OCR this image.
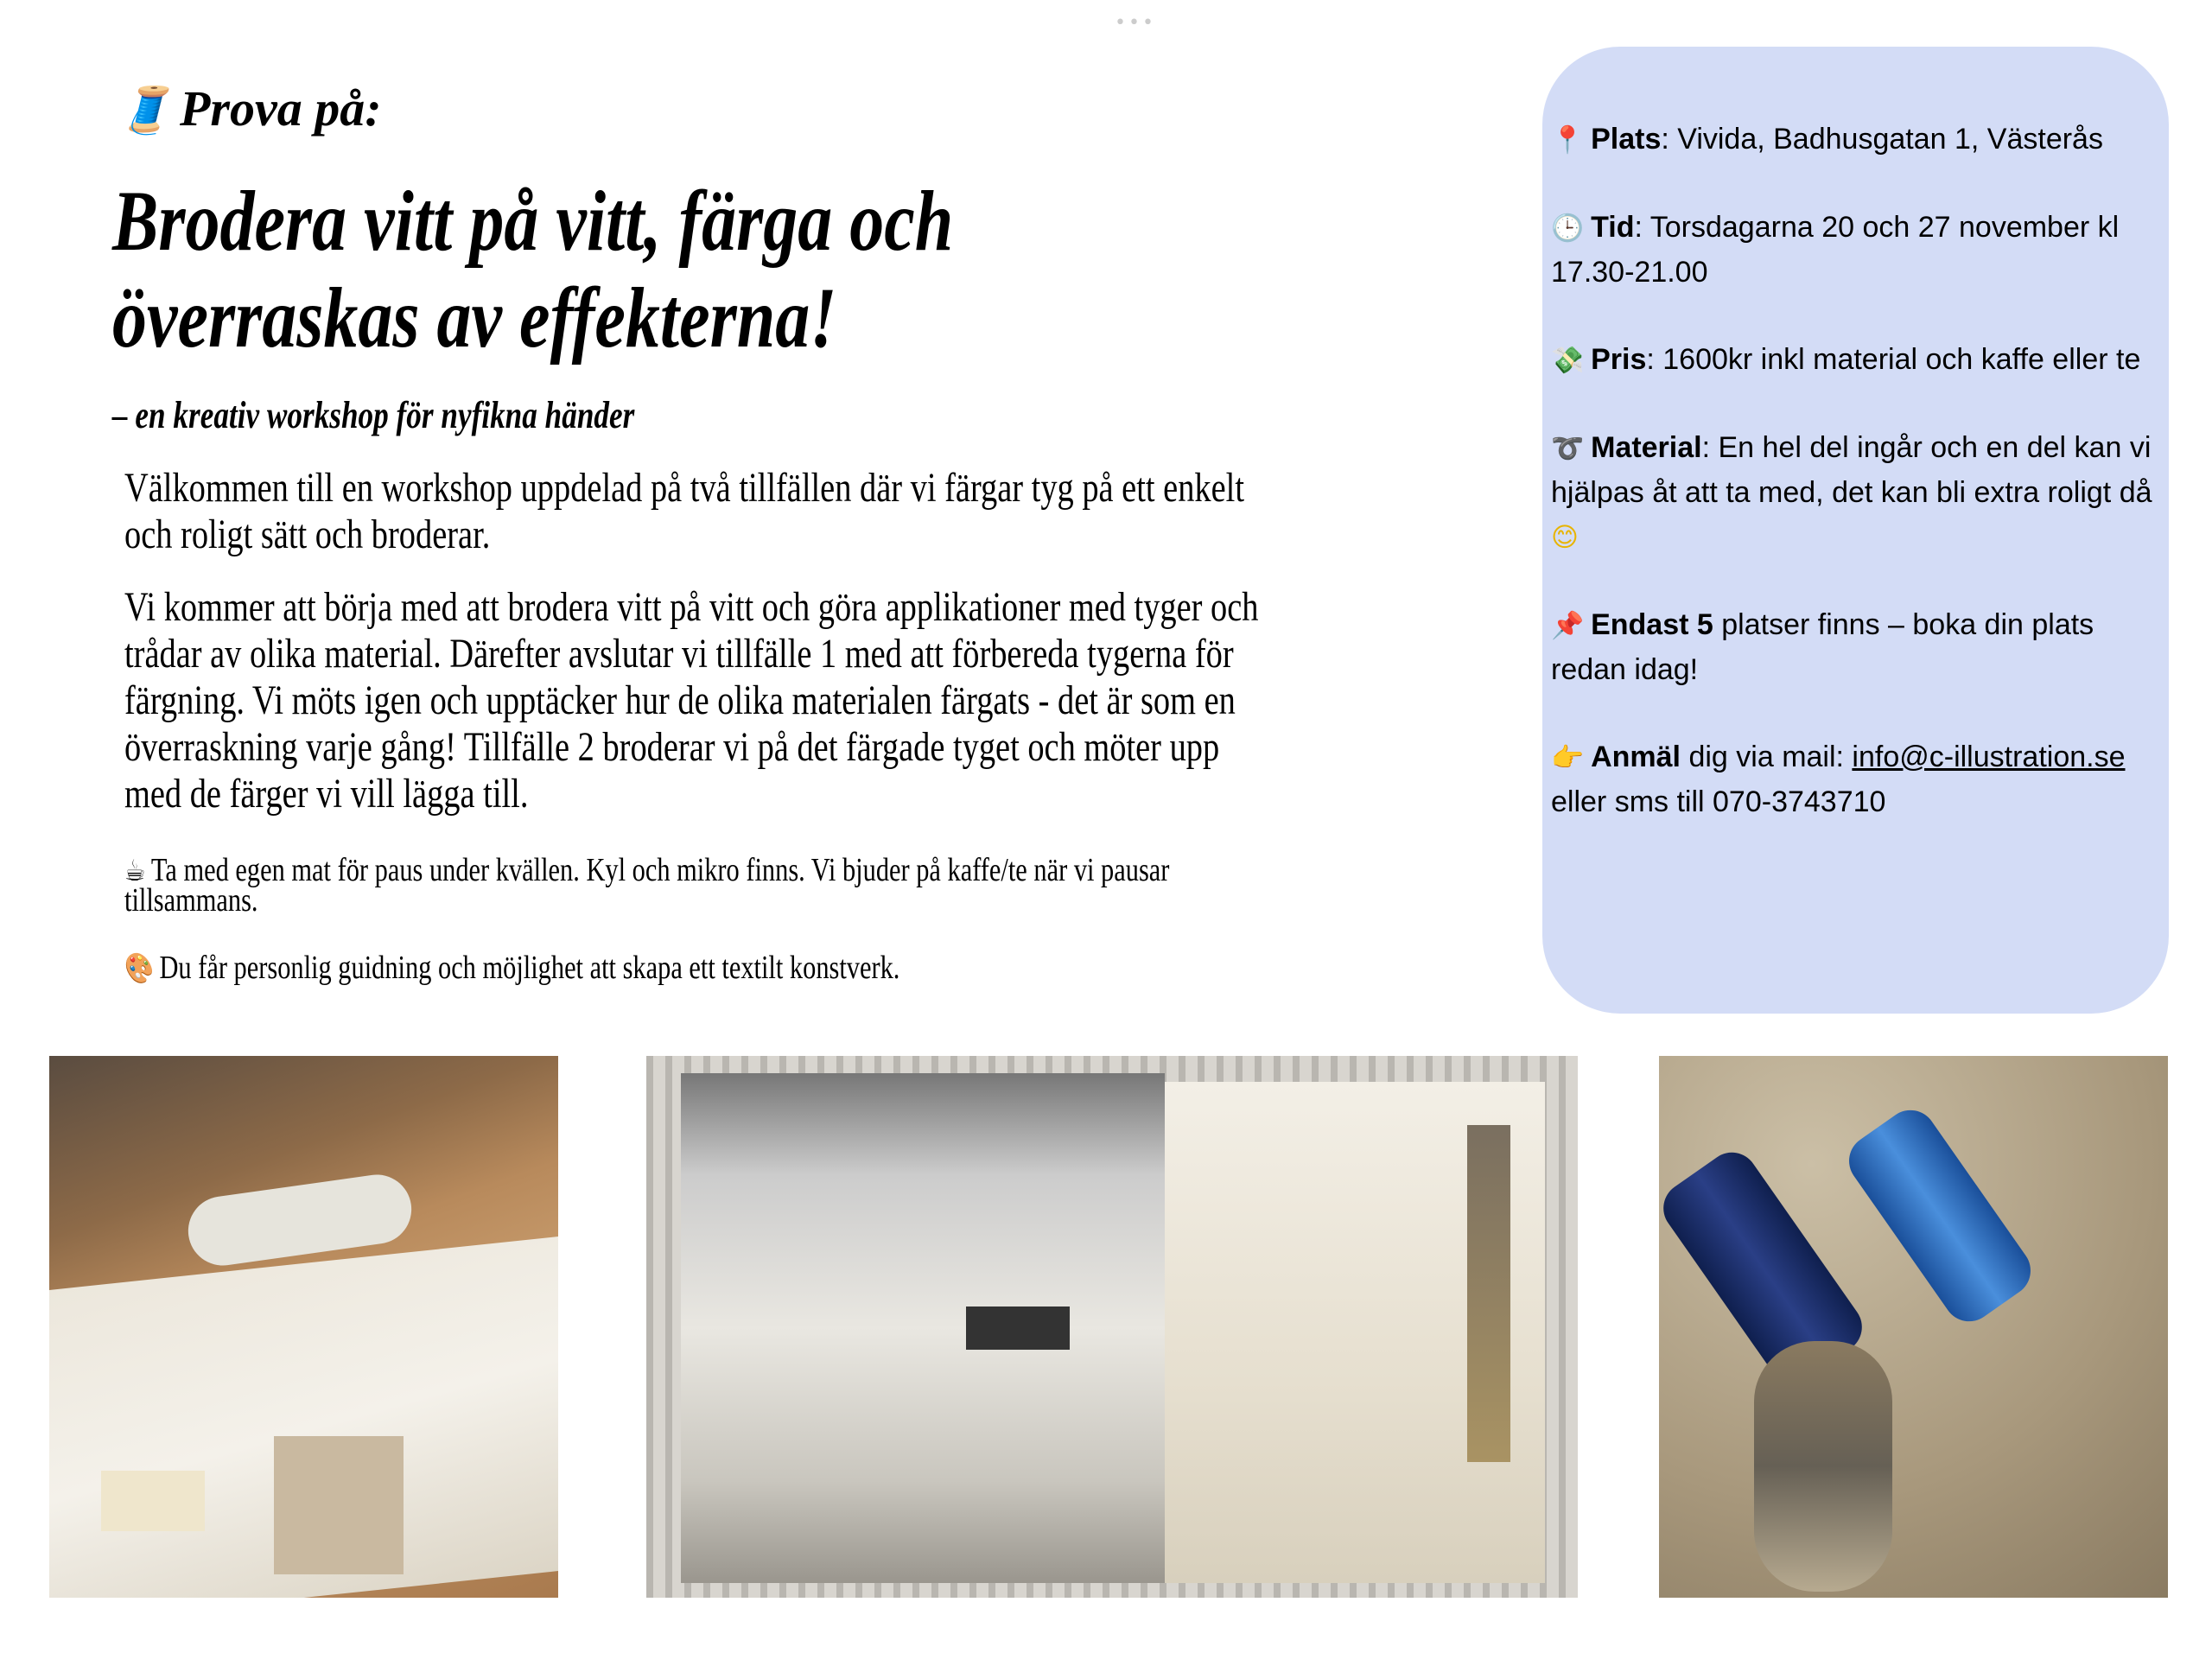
•••
🧵 Prova på:
Brodera vitt på vitt, färga och
överraskas av effekterna!
– en kreativ workshop för nyfikna händer
Välkommen till en workshop uppdelad på två tillfällen där vi färgar tyg på ett enkelt
och roligt sätt och broderar.
Vi kommer att börja med att brodera vitt på vitt och göra applikationer med tyger och
trådar av olika material. Därefter avslutar vi tillfälle 1 med att förbereda tygerna för
färgning. Vi möts igen och upptäcker hur de olika materialen färgats - det är som en
överraskning varje gång! Tillfälle 2 broderar vi på det färgade tyget och möter upp
med de färger vi vill lägga till.
☕ Ta med egen mat för paus under kvällen. Kyl och mikro finns. Vi bjuder på kaffe/te när vi pausar
tillsammans.
🎨 Du får personlig guidning och möjlighet att skapa ett textilt konstverk.
📍 Plats: Vivida, Badhusgatan 1, Västerås
🕒 Tid: Torsdagarna 20 och 27 november kl 17.30-21.00
💸 Pris: 1600kr inkl material och kaffe eller te
➰ Material: En hel del ingår och en del kan vi hjälpas åt att ta med, det kan bli extra roligt då 😊
📌 Endast 5 platser finns – boka din plats redan idag!
👉 Anmäl dig via mail: info@c-illustration.se
eller sms till 070-3743710
